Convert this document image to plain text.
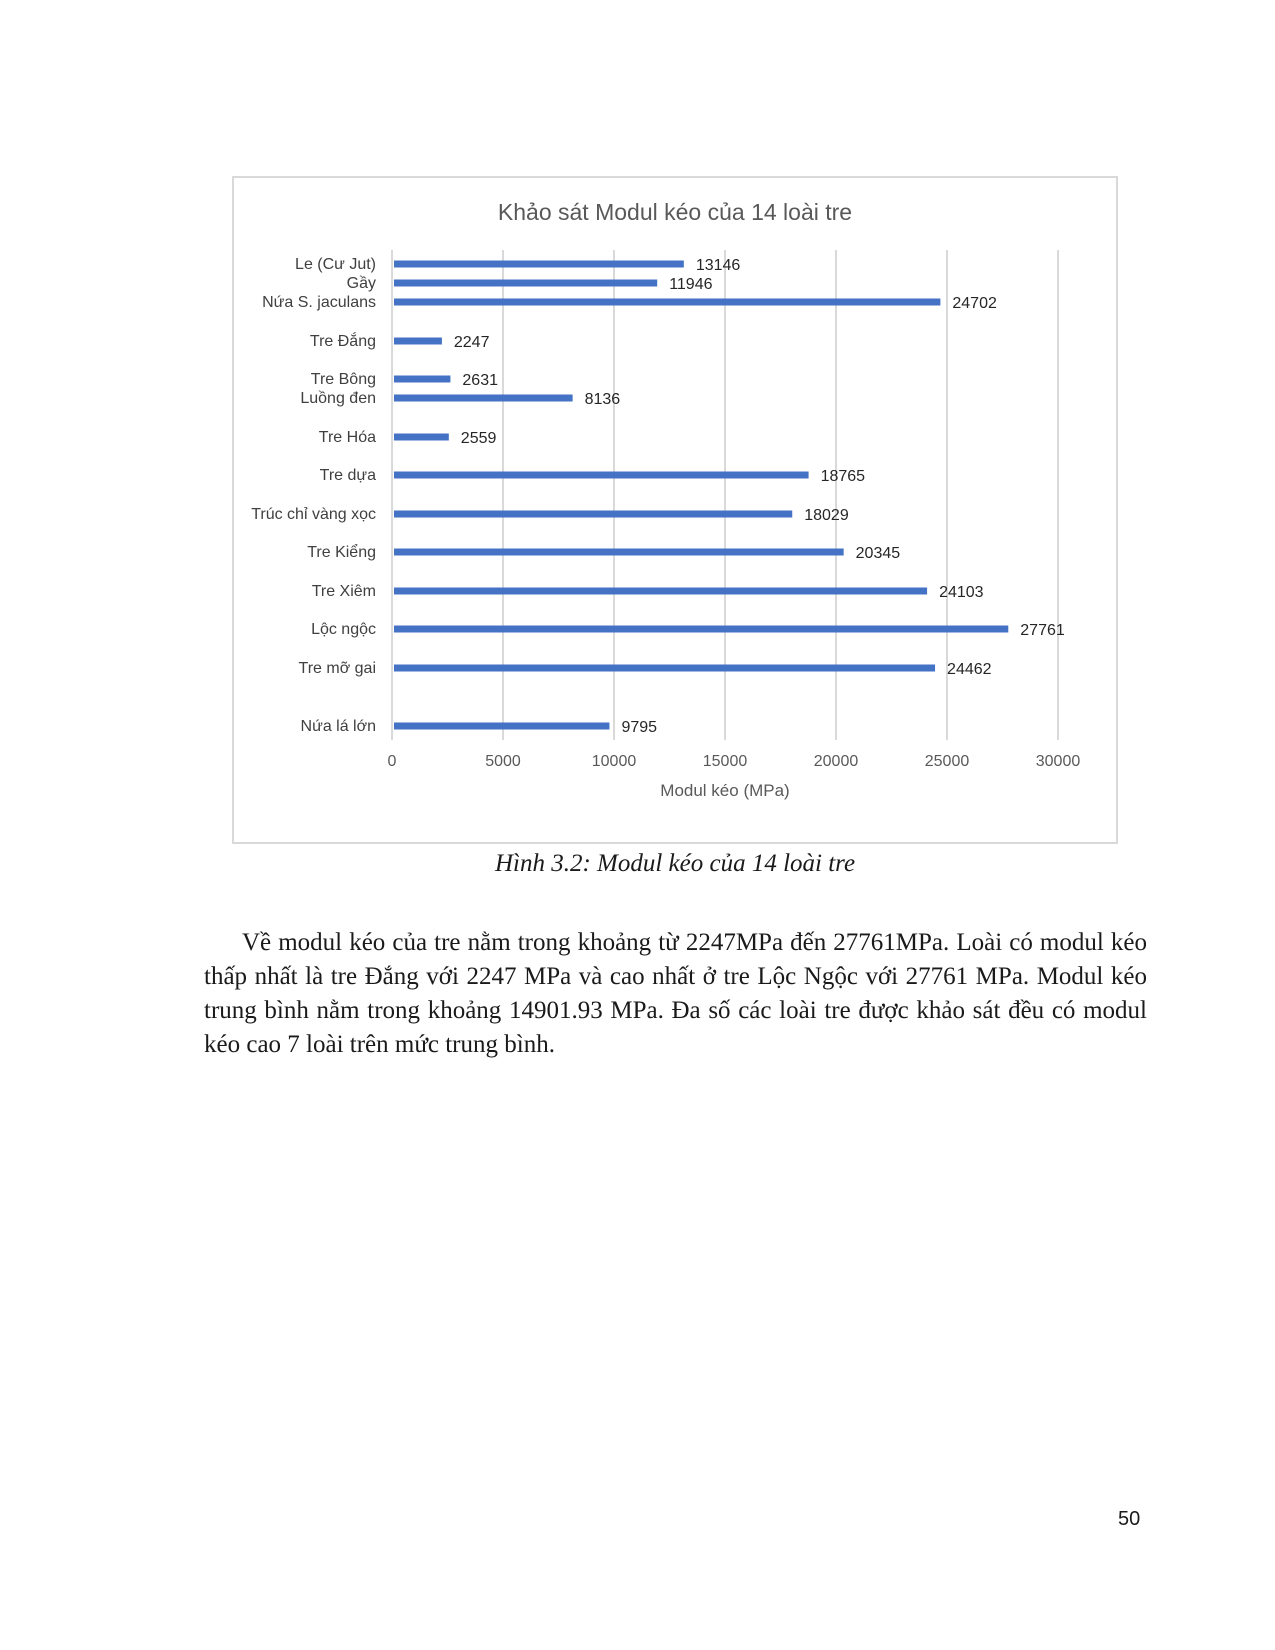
Khảo sát Modul kéo của 14 loài tre
Le (Cư Jut)
Gầy
Nứa S. jaculans
Tre Đắng
Tre Bông
Luồng đen
Tre Hóa
Tre dựa
Trúc chỉ vàng xọc
Tre Kiểng
Tre Xiêm
Lộc ngộc
Tre mỡ gai
Nứa lá lớn
13146
11946
24702
2247
2631
8136
2559
18765
18029
20345
24103
27761
24462
9795
0	5000	10000	15000	20000	25000	30000
Modul kéo (MPa)
Hình 3.2: Modul kéo của 14 loài tre

Về modul kéo của tre nằm trong khoảng từ 2247MPa đến 27761MPa. Loài có modul kéo thấp nhất là tre Đắng với 2247 MPa và cao nhất ở tre Lộc Ngộc với 27761 MPa. Modul kéo trung bình nằm trong khoảng 14901.93 MPa. Đa số các loài tre được khảo sát đều có modul kéo cao 7 loài trên mức trung bình.

50
